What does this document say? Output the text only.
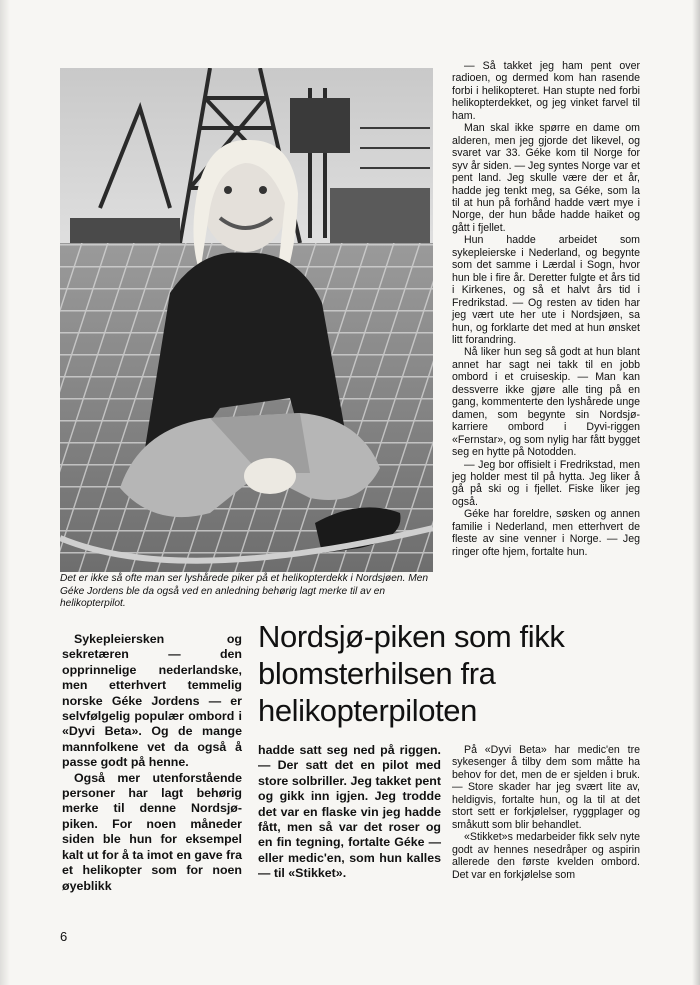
Det er ikke så ofte man ser lyshårede piker på et helikopterdekk i Nordsjøen. Men Géke Jordens ble da også ved en anledning behørig lagt merke til av en helikopterpilot.

— Så takket jeg ham pent over radioen, og dermed kom han rasende forbi i helikopteret. Han stupte ned forbi helikopterdekket, og jeg vinket farvel til ham.

Man skal ikke spørre en dame om alderen, men jeg gjorde det likevel, og svaret var 33. Géke kom til Norge for syv år siden. — Jeg syntes Norge var et pent land. Jeg skulle være der et år, hadde jeg tenkt meg, sa Géke, som la til at hun på forhånd hadde vært mye i Norge, der hun både hadde haiket og gått i fjellet.

Hun hadde arbeidet som sykepleierske i Nederland, og begynte som det samme i Lærdal i Sogn, hvor hun ble i fire år. Deretter fulgte et års tid i Kirkenes, og så et halvt års tid i Fredrikstad. — Og resten av tiden har jeg vært ute her ute i Nordsjøen, sa hun, og forklarte det med at hun ønsket litt forandring.

Nå liker hun seg så godt at hun blant annet har sagt nei takk til en jobb ombord i et cruiseskip. — Man kan dessverre ikke gjøre alle ting på en gang, kommenterte den lyshårede unge damen, som begynte sin Nordsjø-karriere ombord i Dyvi-riggen «Fernstar», og som nylig har fått bygget seg en hytte på Notodden.

— Jeg bor offisielt i Fredrikstad, men jeg holder mest til på hytta. Jeg liker å gå på ski og i fjellet. Fiske liker jeg også.

Géke har foreldre, søsken og annen familie i Nederland, men etterhvert de fleste av sine venner i Norge. — Jeg ringer ofte hjem, fortalte hun.

Sykepleiersken og sekretæren — den opprinnelige nederlandske, men etterhvert temmelig norske Géke Jordens — er selvfølgelig populær ombord i «Dyvi Beta». Og de mange mannfolkene vet da også å passe godt på henne.

Også mer utenforstående personer har lagt behørig merke til denne Nordsjø-piken. For noen måneder siden ble hun for eksempel kalt ut for å ta imot en gave fra et helikopter som for noen øyeblikk

Nordsjø-piken som fikk blomsterhilsen fra helikopterpiloten

hadde satt seg ned på riggen. — Der satt det en pilot med store solbriller. Jeg takket pent og gikk inn igjen. Jeg trodde det var en flaske vin jeg hadde fått, men så var det roser og en fin tegning, fortalte Géke — eller medic'en, som hun kalles — til «Stikket».

På «Dyvi Beta» har medic'en tre sykesenger å tilby dem som måtte ha behov for det, men de er sjelden i bruk. — Store skader har jeg svært lite av, heldigvis, fortalte hun, og la til at det stort sett er forkjølelser, ryggplager og småkutt som blir behandlet.

«Stikket»s medarbeider fikk selv nyte godt av hennes nesedråper og aspirin allerede den første kvelden ombord. Det var en forkjølelse som

6
